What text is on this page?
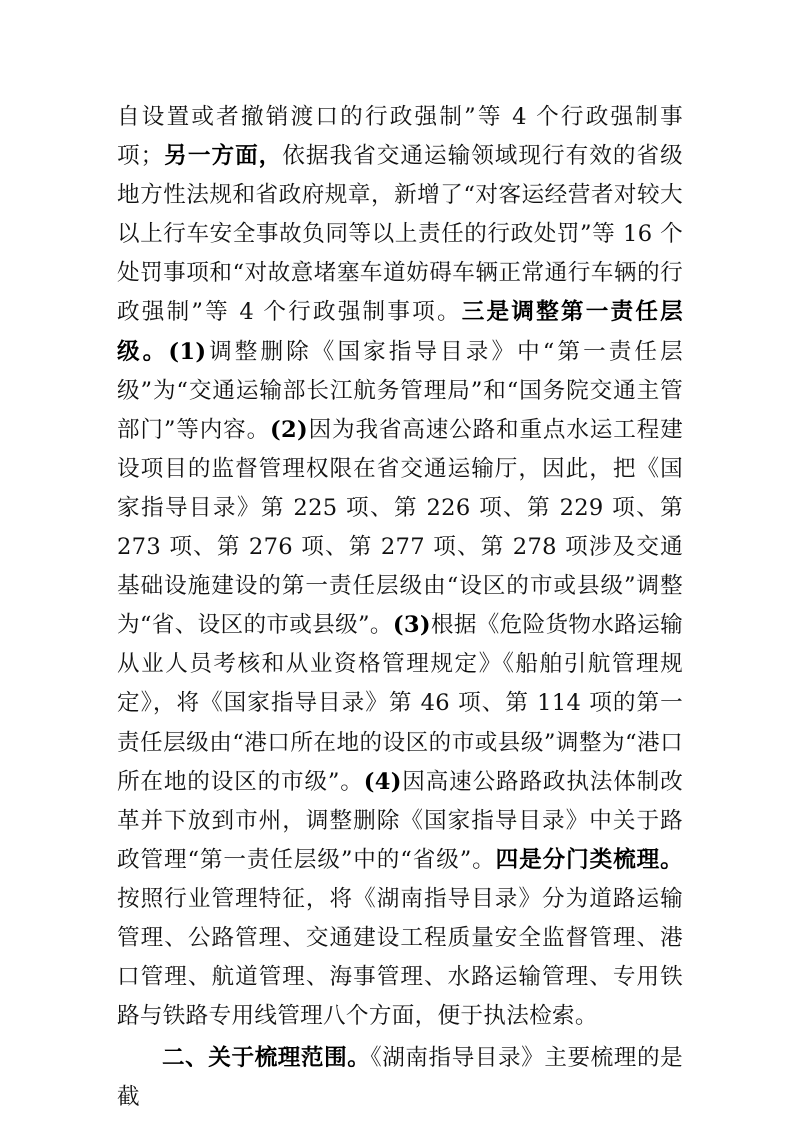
自设置或者撤销渡口的行政强制”等 4 个行政强制事项；另一方面，依据我省交通运输领域现行有效的省级地方性法规和省政府规章，新增了“对客运经营者对较大以上行车安全事故负同等以上责任的行政处罚”等 16 个处罚事项和“对故意堵塞车道妨碍车辆正常通行车辆的行政强制”等 4 个行政强制事项。三是调整第一责任层级。(1)调整删除《国家指导目录》中“第一责任层级”为“交通运输部长江航务管理局”和“国务院交通主管部门”等内容。(2)因为我省高速公路和重点水运工程建设项目的监督管理权限在省交通运输厅，因此，把《国家指导目录》第 225 项、第 226 项、第 229 项、第 273 项、第 276 项、第 277 项、第 278 项涉及交通基础设施建设的第一责任层级由“设区的市或县级”调整为“省、设区的市或县级”。(3)根据《危险货物水路运输从业人员考核和从业资格管理规定》《船舶引航管理规定》，将《国家指导目录》第 46 项、第 114 项的第一责任层级由“港口所在地的设区的市或县级”调整为“港口所在地的设区的市级”。(4)因高速公路路政执法体制改革并下放到市州，调整删除《国家指导目录》中关于路政管理“第一责任层级”中的“省级”。四是分门类梳理。按照行业管理特征，将《湖南指导目录》分为道路运输管理、公路管理、交通建设工程质量安全监督管理、港口管理、航道管理、海事管理、水路运输管理、专用铁路与铁路专用线管理八个方面，便于执法检索。

二、关于梳理范围。《湖南指导目录》主要梳理的是截
